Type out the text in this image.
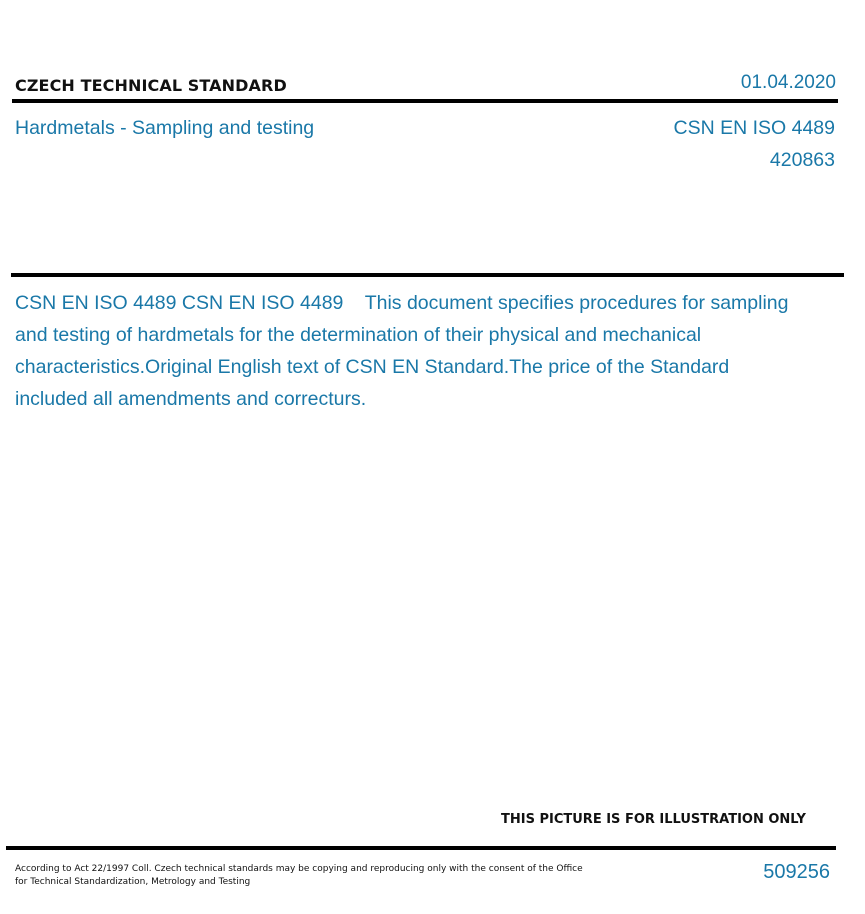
CZECH TECHNICAL STANDARD	01.04.2020
Hardmetals - Sampling and testing	CSN EN ISO 4489
420863
CSN EN ISO 4489 CSN EN ISO 4489    This document specifies procedures for sampling and testing of hardmetals for the determination of their physical and mechanical characteristics.Original English text of CSN EN Standard.The price of the Standard included all amendments and correcturs.
THIS PICTURE IS FOR ILLUSTRATION ONLY
According to Act 22/1997 Coll. Czech technical standards may be copying and reproducing only with the consent of the Office
for Technical Standardization, Metrology and Testing	509256
